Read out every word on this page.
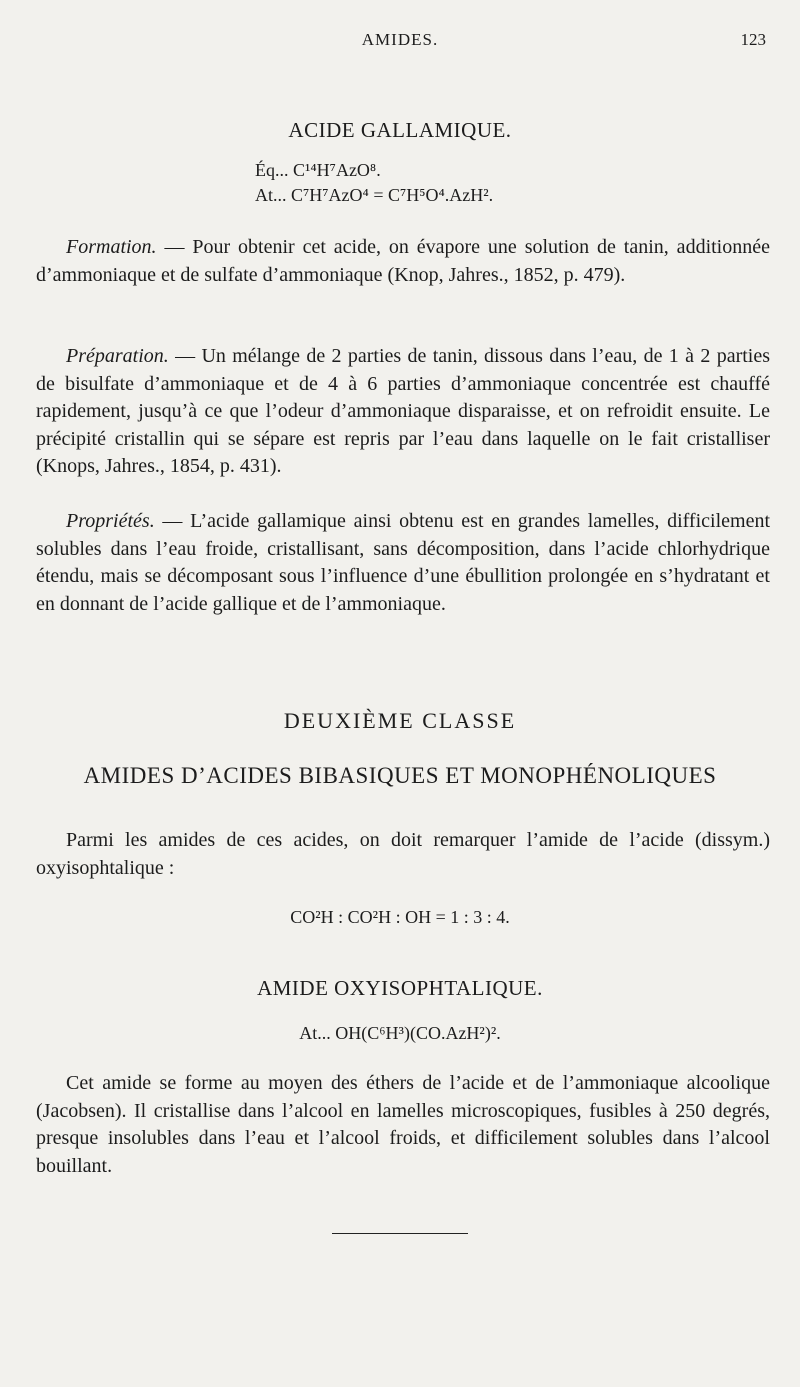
AMIDES.	123
ACIDE GALLAMIQUE.
Éq... C¹⁴H⁷AzO⁸.
At... C⁷H⁷AzO⁴ = C⁷H⁵O⁴.AzH².

Formation. — Pour obtenir cet acide, on évapore une solution de tanin, additionnée d’ammoniaque et de sulfate d’ammoniaque (Knop, Jahres., 1852, p. 479).

Préparation. — Un mélange de 2 parties de tanin, dissous dans l’eau, de 1 à 2 parties de bisulfate d’ammoniaque et de 4 à 6 parties d’ammoniaque concentrée est chauffé rapidement, jusqu’à ce que l’odeur d’ammoniaque disparaisse, et on refroidit ensuite. Le précipité cristallin qui se sépare est repris par l’eau dans laquelle on le fait cristalliser (Knops, Jahres., 1854, p. 431).

Propriétés. — L’acide gallamique ainsi obtenu est en grandes lamelles, difficilement solubles dans l’eau froide, cristallisant, sans décomposition, dans l’acide chlorhydrique étendu, mais se décomposant sous l’influence d’une ébullition prolongée en s’hydratant et en donnant de l’acide gallique et de l’ammoniaque.

DEUXIÈME CLASSE
AMIDES D’ACIDES BIBASIQUES ET MONOPHÉNOLIQUES

Parmi les amides de ces acides, on doit remarquer l’amide de l’acide (dissym.) oxyisophtalique :

CO²H : CO²H : OH = 1 : 3 : 4.
AMIDE OXYISOPHTALIQUE.
At... OH(C⁶H³)(CO.AzH²)².

Cet amide se forme au moyen des éthers de l’acide et de l’ammoniaque alcoolique (Jacobsen). Il cristallise dans l’alcool en lamelles microscopiques, fusibles à 250 degrés, presque insolubles dans l’eau et l’alcool froids, et difficilement solubles dans l’alcool bouillant.
